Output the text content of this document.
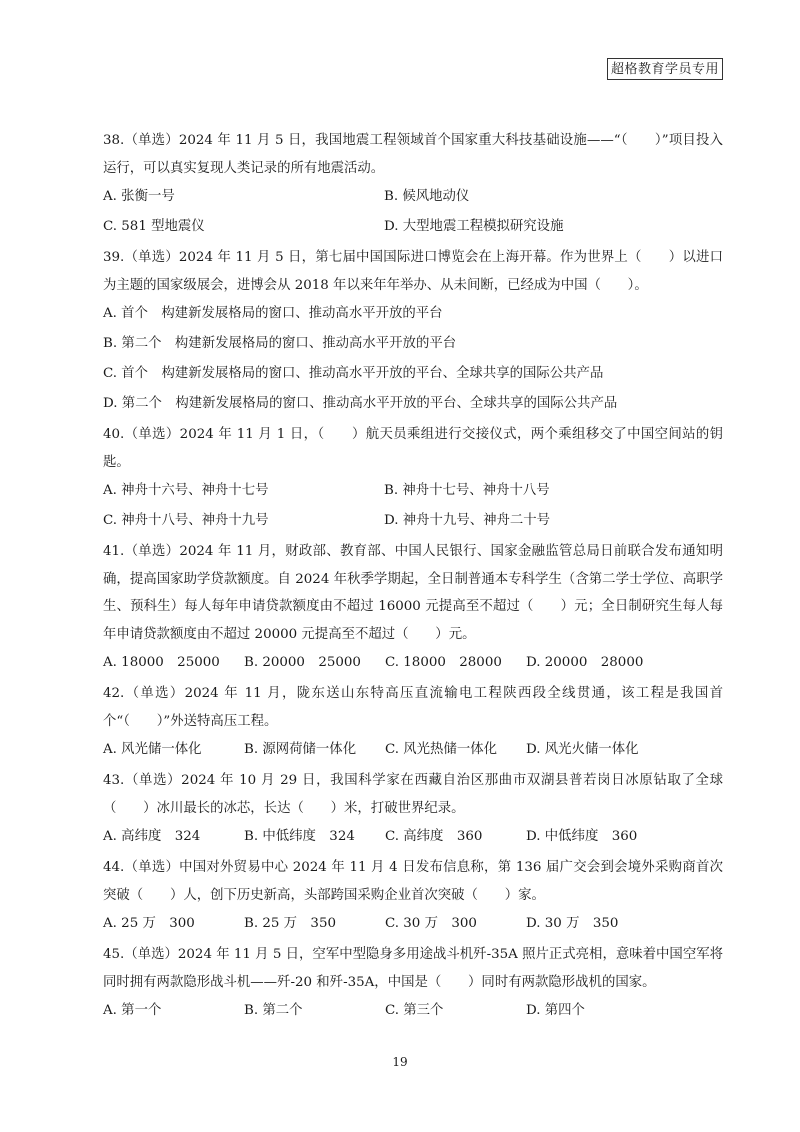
超格教育学员专用

38.（单选）2024 年 11 月 5 日，我国地震工程领域首个国家重大科技基础设施——“（　　）”项目投入运行，可以真实复现人类记录的所有地震活动。

A. 张衡一号	B. 候风地动仪
C. 581 型地震仪	D. 大型地震工程模拟研究设施

39.（单选）2024 年 11 月 5 日，第七届中国国际进口博览会在上海开幕。作为世界上（　　）以进口为主题的国家级展会，进博会从 2018 年以来年年举办、从未间断，已经成为中国（　　）。

A. 首个　构建新发展格局的窗口、推动高水平开放的平台
B. 第二个　构建新发展格局的窗口、推动高水平开放的平台
C. 首个　构建新发展格局的窗口、推动高水平开放的平台、全球共享的国际公共产品
D. 第二个　构建新发展格局的窗口、推动高水平开放的平台、全球共享的国际公共产品

40.（单选）2024 年 11 月 1 日，（　　）航天员乘组进行交接仪式，两个乘组移交了中国空间站的钥匙。

A. 神舟十六号、神舟十七号	B. 神舟十七号、神舟十八号
C. 神舟十八号、神舟十九号	D. 神舟十九号、神舟二十号

41.（单选）2024 年 11 月，财政部、教育部、中国人民银行、国家金融监管总局日前联合发布通知明确，提高国家助学贷款额度。自 2024 年秋季学期起，全日制普通本专科学生（含第二学士学位、高职学生、预科生）每人每年申请贷款额度由不超过 16000 元提高至不超过（　　）元；全日制研究生每人每年申请贷款额度由不超过 20000 元提高至不超过（　　）元。

A. 18000　25000	B. 20000　25000	C. 18000　28000	D. 20000　28000

42.（单选）2024 年 11 月，陇东送山东特高压直流输电工程陕西段全线贯通，该工程是我国首个“（　　）”外送特高压工程。

A. 风光储一体化	B. 源网荷储一体化	C. 风光热储一体化	D. 风光火储一体化

43.（单选）2024 年 10 月 29 日，我国科学家在西藏自治区那曲市双湖县普若岗日冰原钻取了全球（　　）冰川最长的冰芯，长达（　　）米，打破世界纪录。

A. 高纬度　324	B. 中低纬度　324	C. 高纬度　360	D. 中低纬度　360

44.（单选）中国对外贸易中心 2024 年 11 月 4 日发布信息称，第 136 届广交会到会境外采购商首次突破（　　）人，创下历史新高，头部跨国采购企业首次突破（　　）家。

A. 25 万　300	B. 25 万　350	C. 30 万　300	D. 30 万　350

45.（单选）2024 年 11 月 5 日，空军中型隐身多用途战斗机歼-35A 照片正式亮相，意味着中国空军将同时拥有两款隐形战斗机——歼-20 和歼-35A，中国是（　　）同时有两款隐形战机的国家。

A. 第一个	B. 第二个	C. 第三个	D. 第四个
19
